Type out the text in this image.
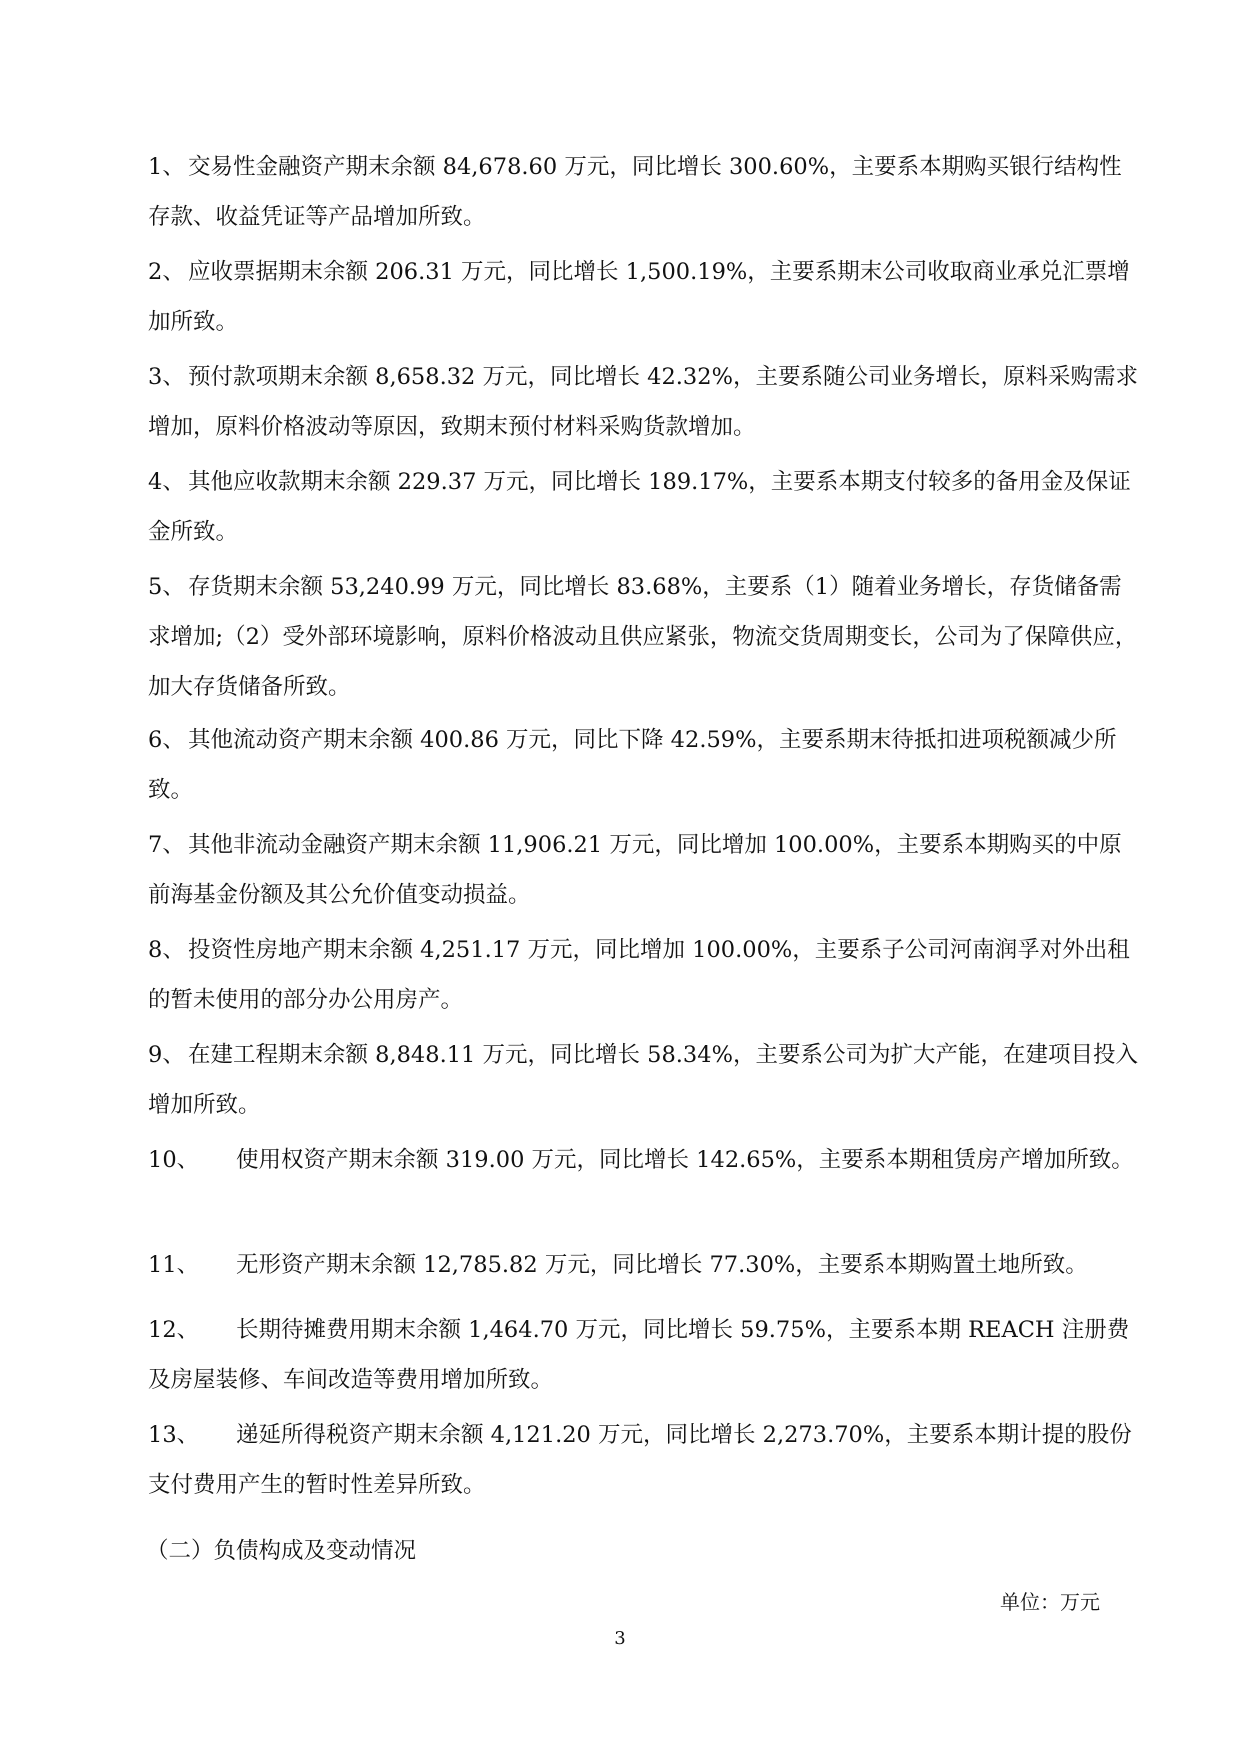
1、 交易性金融资产期末余额 84,678.60 万元，同比增长 300.60%，主要系本期购买银行结构性存款、收益凭证等产品增加所致。
2、 应收票据期末余额 206.31 万元，同比增长 1,500.19%，主要系期末公司收取商业承兑汇票增加所致。
3、 预付款项期末余额 8,658.32 万元，同比增长 42.32%，主要系随公司业务增长，原料采购需求增加，原料价格波动等原因，致期末预付材料采购货款增加。
4、 其他应收款期末余额 229.37 万元，同比增长 189.17%，主要系本期支付较多的备用金及保证金所致。
5、 存货期末余额 53,240.99 万元，同比增长 83.68%，主要系（1）随着业务增长，存货储备需求增加;（2）受外部环境影响，原料价格波动且供应紧张，物流交货周期变长，公司为了保障供应，加大存货储备所致。
6、 其他流动资产期末余额 400.86 万元，同比下降 42.59%，主要系期末待抵扣进项税额减少所致。
7、 其他非流动金融资产期末余额 11,906.21 万元，同比增加 100.00%，主要系本期购买的中原前海基金份额及其公允价值变动损益。
8、 投资性房地产期末余额 4,251.17 万元，同比增加 100.00%，主要系子公司河南润孚对外出租的暂未使用的部分办公用房产。
9、 在建工程期末余额 8,848.11 万元，同比增长 58.34%，主要系公司为扩大产能，在建项目投入增加所致。
10、 使用权资产期末余额 319.00 万元，同比增长 142.65%，主要系本期租赁房产增加所致。
11、 无形资产期末余额 12,785.82 万元，同比增长 77.30%，主要系本期购置土地所致。
12、 长期待摊费用期末余额 1,464.70 万元，同比增长 59.75%，主要系本期 REACH 注册费及房屋装修、车间改造等费用增加所致。
13、 递延所得税资产期末余额 4,121.20 万元，同比增长 2,273.70%，主要系本期计提的股份支付费用产生的暂时性差异所致。
（二）负债构成及变动情况
单位：万元
3
